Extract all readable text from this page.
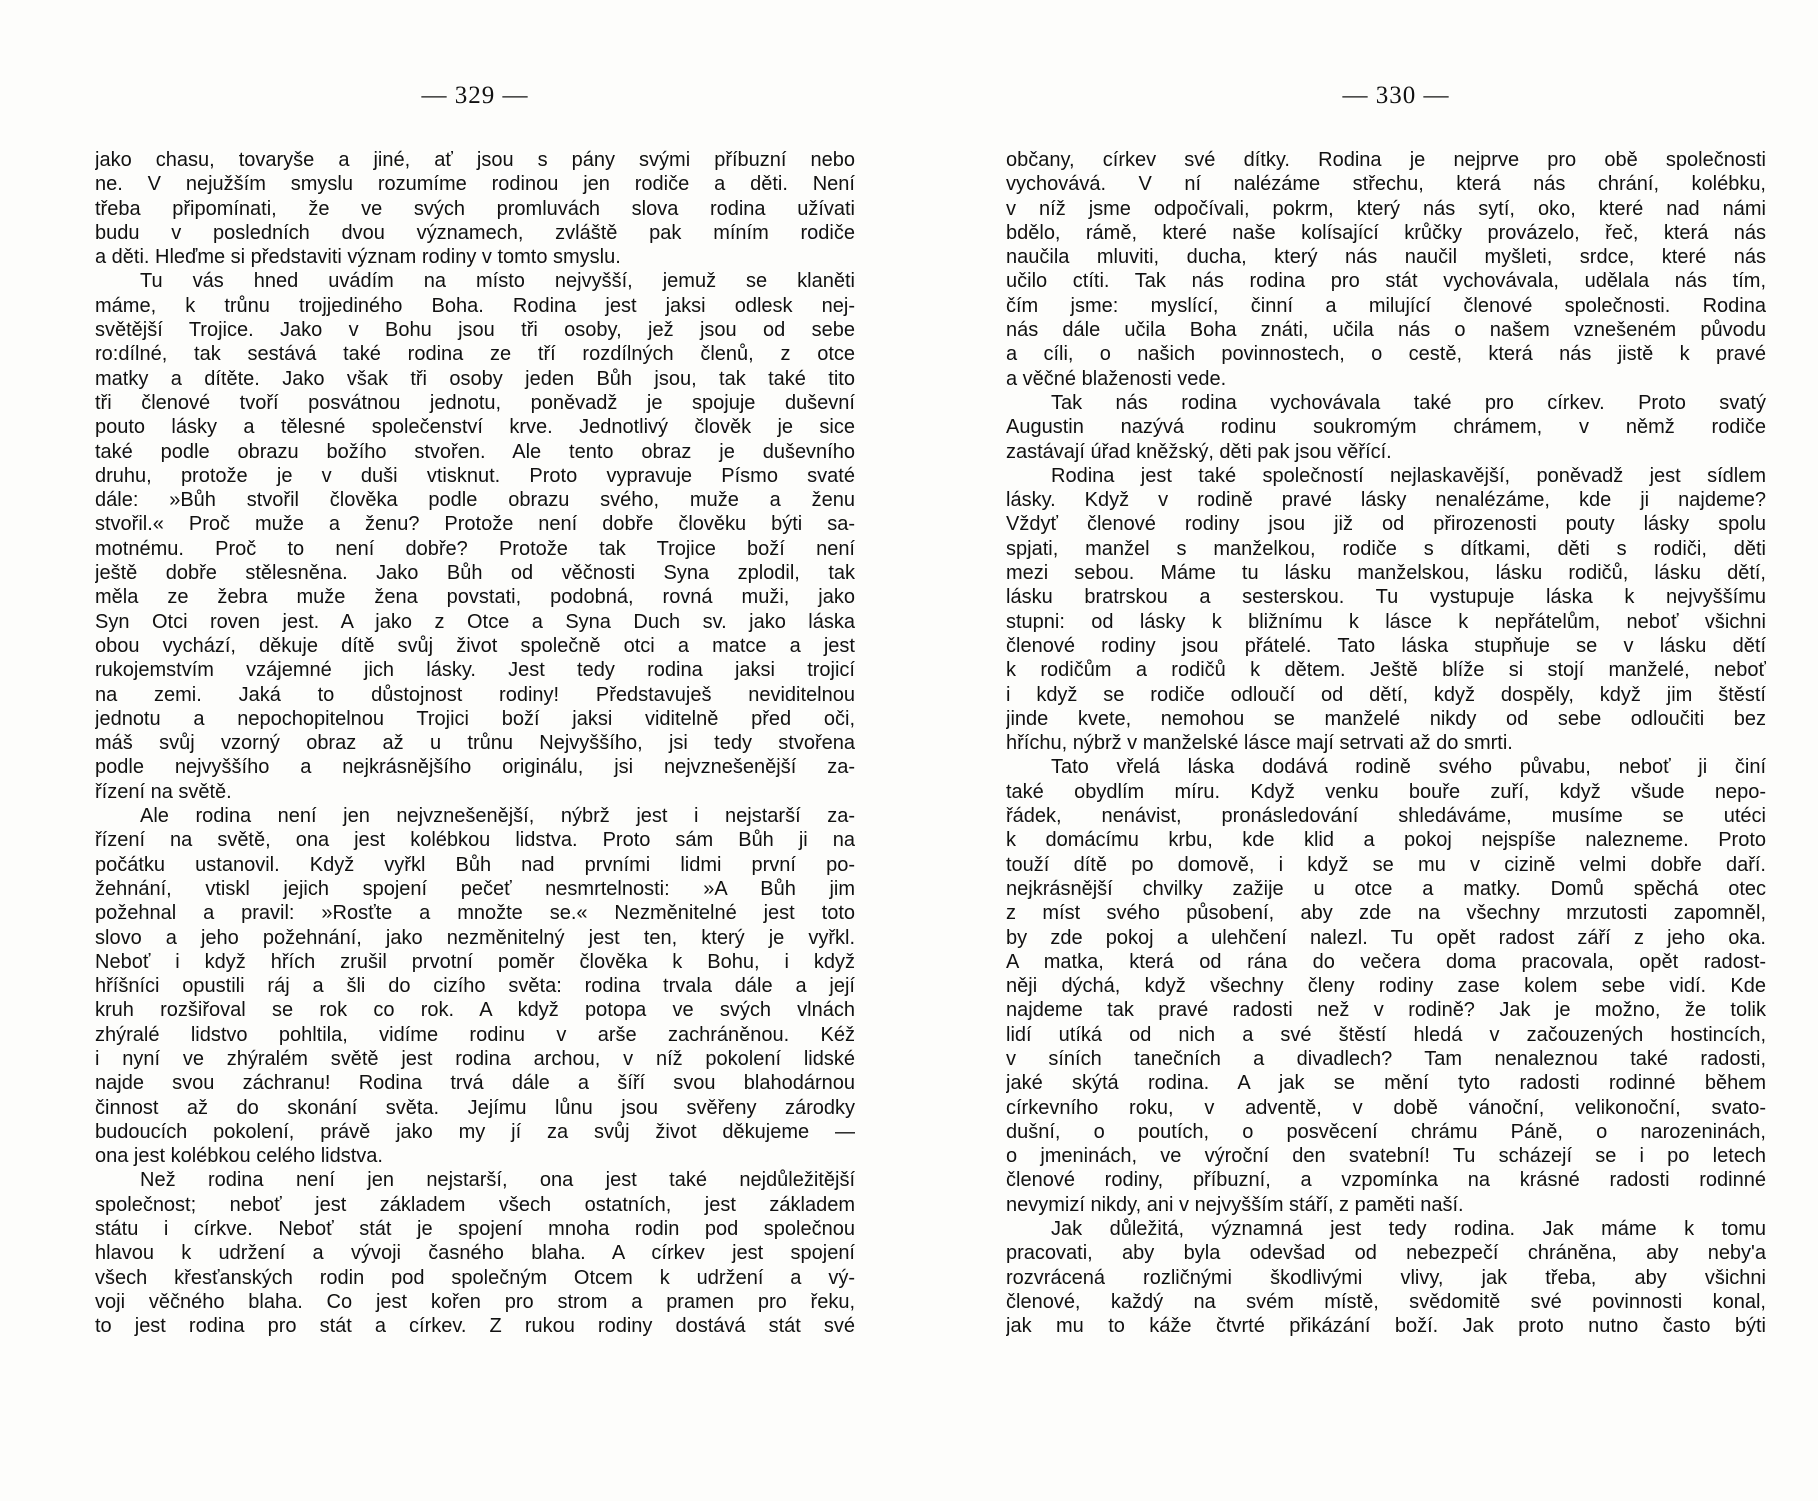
— 329 —
jako chasu, tovaryše a jiné, ať jsou s pány svými příbuzní nebo
ne. V nejužším smyslu rozumíme rodinou jen rodiče a děti. Není
třeba připomínati, že ve svých promluvách slova rodina užívati
budu v posledních dvou významech, zvláště pak míním rodiče
a děti. Hleďme si představiti význam rodiny v tomto smyslu.
Tu vás hned uvádím na místo nejvyšší, jemuž se klaněti
máme, k trůnu trojjediného Boha. Rodina jest jaksi odlesk nej-
světější Trojice. Jako v Bohu jsou tři osoby, jež jsou od sebe
ro:dílné, tak sestává také rodina ze tří rozdílných členů, z otce
matky a dítěte. Jako však tři osoby jeden Bůh jsou, tak také tito
tři členové tvoří posvátnou jednotu, poněvadž je spojuje duševní
pouto lásky a tělesné společenství krve. Jednotlivý člověk je sice
také podle obrazu božího stvořen. Ale tento obraz je duševního
druhu, protože je v duši vtisknut. Proto vypravuje Písmo svaté
dále: »Bůh stvořil člověka podle obrazu svého, muže a ženu
stvořil.« Proč muže a ženu? Protože není dobře člověku býti sa-
motnému. Proč to není dobře? Protože tak Trojice boží není
ještě dobře stělesněna. Jako Bůh od věčnosti Syna zplodil, tak
měla ze žebra muže žena povstati, podobná, rovná muži, jako
Syn Otci roven jest. A jako z Otce a Syna Duch sv. jako láska
obou vychází, děkuje dítě svůj život společně otci a matce a jest
rukojemstvím vzájemné jich lásky. Jest tedy rodina jaksi trojicí
na zemi. Jaká to důstojnost rodiny! Představuješ neviditelnou
jednotu a nepochopitelnou Trojici boží jaksi viditelně před oči,
máš svůj vzorný obraz až u trůnu Nejvyššího, jsi tedy stvořena
podle nejvyššího a nejkrásnějšího originálu, jsi nejvznešenější za-
řízení na světě.
Ale rodina není jen nejvznešenější, nýbrž jest i nejstarší za-
řízení na světě, ona jest kolébkou lidstva. Proto sám Bůh ji na
počátku ustanovil. Když vyřkl Bůh nad prvními lidmi první po-
žehnání, vtiskl jejich spojení pečeť nesmrtelnosti: »A Bůh jim
požehnal a pravil: »Rosťte a množte se.« Nezměnitelné jest toto
slovo a jeho požehnání, jako nezměnitelný jest ten, který je vyřkl.
Neboť i když hřích zrušil prvotní poměr člověka k Bohu, i když
hříšníci opustili ráj a šli do cizího světa: rodina trvala dále a její
kruh rozšiřoval se rok co rok. A když potopa ve svých vlnách
zhýralé lidstvo pohltila, vidíme rodinu v arše zachráněnou. Kéž
i nyní ve zhýralém světě jest rodina archou, v níž pokolení lidské
najde svou záchranu! Rodina trvá dále a šíří svou blahodárnou
činnost až do skonání světa. Jejímu lůnu jsou svěřeny zárodky
budoucích pokolení, právě jako my jí za svůj život děkujeme —
ona jest kolébkou celého lidstva.
Než rodina není jen nejstarší, ona jest také nejdůležitější
společnost; neboť jest základem všech ostatních, jest základem
státu i církve. Neboť stát je spojení mnoha rodin pod společnou
hlavou k udržení a vývoji časného blaha. A církev jest spojení
všech křesťanských rodin pod společným Otcem k udržení a vý-
voji věčného blaha. Co jest kořen pro strom a pramen pro řeku,
to jest rodina pro stát a církev. Z rukou rodiny dostává stát své
— 330 —
občany, církev své dítky. Rodina je nejprve pro obě společnosti
vychovává. V ní nalézáme střechu, která nás chrání, kolébku,
v níž jsme odpočívali, pokrm, který nás sytí, oko, které nad námi
bdělo, rámě, které naše kolísající krůčky provázelo, řeč, která nás
naučila mluviti, ducha, který nás naučil myšleti, srdce, které nás
učilo ctíti. Tak nás rodina pro stát vychovávala, udělala nás tím,
čím jsme: myslící, činní a milující členové společnosti. Rodina
nás dále učila Boha znáti, učila nás o našem vznešeném původu
a cíli, o našich povinnostech, o cestě, která nás jistě k pravé
a věčné blaženosti vede.
Tak nás rodina vychovávala také pro církev. Proto svatý
Augustin nazývá rodinu soukromým chrámem, v němž rodiče
zastávají úřad kněžský, děti pak jsou věřící.
Rodina jest také společností nejlaskavější, poněvadž jest sídlem
lásky. Když v rodině pravé lásky nenalézáme, kde ji najdeme?
Vždyť členové rodiny jsou již od přirozenosti pouty lásky spolu
spjati, manžel s manželkou, rodiče s dítkami, děti s rodiči, děti
mezi sebou. Máme tu lásku manželskou, lásku rodičů, lásku dětí,
lásku bratrskou a sesterskou. Tu vystupuje láska k nejvyššímu
stupni: od lásky k bližnímu k lásce k nepřátelům, neboť všichni
členové rodiny jsou přátelé. Tato láska stupňuje se v lásku dětí
k rodičům a rodičů k dětem. Ještě blíže si stojí manželé, neboť
i když se rodiče odloučí od dětí, když dospěly, když jim štěstí
jinde kvete, nemohou se manželé nikdy od sebe odloučiti bez
hříchu, nýbrž v manželské lásce mají setrvati až do smrti.
Tato vřelá láska dodává rodině svého půvabu, neboť ji činí
také obydlím míru. Když venku bouře zuří, když všude nepo-
řádek, nenávist, pronásledování shledáváme, musíme se utéci
k domácímu krbu, kde klid a pokoj nejspíše nalezneme. Proto
touží dítě po domově, i když se mu v cizině velmi dobře daří.
nejkrásnější chvilky zažije u otce a matky. Domů spěchá otec
z míst svého působení, aby zde na všechny mrzutosti zapomněl,
by zde pokoj a ulehčení nalezl. Tu opět radost září z jeho oka.
A matka, která od rána do večera doma pracovala, opět radost-
něji dýchá, když všechny členy rodiny zase kolem sebe vidí. Kde
najdeme tak pravé radosti než v rodině? Jak je možno, že tolik
lidí utíká od nich a své štěstí hledá v začouzených hostincích,
v síních tanečních a divadlech? Tam nenaleznou také radosti,
jaké skýtá rodina. A jak se mění tyto radosti rodinné během
církevního roku, v adventě, v době vánoční, velikonoční, svato-
dušní, o poutích, o posvěcení chrámu Páně, o narozeninách,
o jmeninách, ve výroční den svatební! Tu scházejí se i po letech
členové rodiny, příbuzní, a vzpomínka na krásné radosti rodinné
nevymizí nikdy, ani v nejvyšším stáří, z paměti naší.
Jak důležitá, významná jest tedy rodina. Jak máme k tomu
pracovati, aby byla odevšad od nebezpečí chráněna, aby neby'a
rozvrácená rozličnými škodlivými vlivy, jak třeba, aby všichni
členové, každý na svém místě, svědomitě své povinnosti konal,
jak mu to káže čtvrté přikázání boží. Jak proto nutno často býti
